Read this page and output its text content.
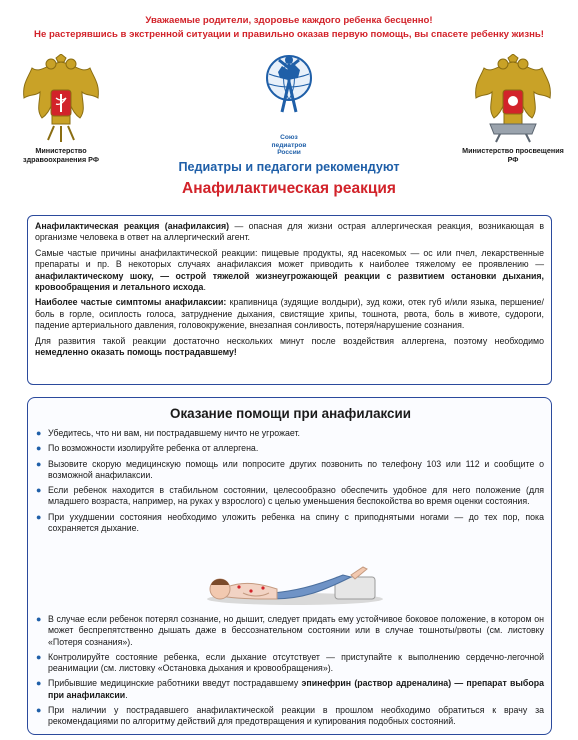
Уважаемые родители, здоровье каждого ребенка бесценно!
Не растерявшись в экстренной ситуации и правильно оказав первую помощь, вы спасете ребенку жизнь!
Министерство здравоохранения РФ
Союз
педиатров
России	Министерство просвещения РФ
Педиатры и педагоги рекомендуют
Анафилактическая реакция

Анафилактическая реакция (анафилаксия) — опасная для жизни острая аллергическая реакция, возникающая в организме человека в ответ на аллергический агент.

Самые частые причины анафилактической реакции: пищевые продукты, яд насекомых — ос или пчел, лекарственные препараты и пр. В некоторых случаях анафилаксия может приводить к наиболее тяжелому ее проявлению — анафилактическому шоку, — острой тяжелой жизнеугрожающей реакции с развитием остановки дыхания, кровообращения и летального исхода.

Наиболее частые симптомы анафилаксии: крапивница (зудящие волдыри), зуд кожи, отек губ и/или языка, першение/боль в горле, осиплость голоса, затруднение дыхания, свистящие хрипы, тошнота, рвота, боль в животе, судороги, падение артериального давления, головокружение, внезапная сонливость, потеря/нарушение сознания.

Для развития такой реакции достаточно нескольких минут после воздействия аллергена, поэтому необходимо немедленно оказать помощь пострадавшему!

Оказание помощи при анафилаксии
● Убедитесь, что ни вам, ни пострадавшему ничто не угрожает.
● По возможности изолируйте ребенка от аллергена.
● Вызовите скорую медицинскую помощь или попросите других позвонить по телефону 103 или 112 и сообщите о возможной анафилаксии.
● Если ребенок находится в стабильном состоянии, целесообразно обеспечить удобное для него положение (для младшего возраста, например, на руках у взрослого) с целью уменьшения беспокойства во время оценки состояния.
● При ухудшении состояния необходимо уложить ребенка на спину с приподнятыми ногами — до тех пор, пока сохраняется дыхание.
● В случае если ребенок потерял сознание, но дышит, следует придать ему устойчивое боковое положение, в котором он может беспрепятственно дышать даже в бессознательном состоянии или в случае тошноты/рвоты (см. листовку «Потеря сознания»).
● Контролируйте состояние ребенка, если дыхание отсутствует — приступайте к выполнению сердечно-легочной реанимации (см. листовку «Остановка дыхания и кровообращения»).
● Прибывшие медицинские работники введут пострадавшему эпинефрин (раствор адреналина) — препарат выбора при анафилаксии.
● При наличии у пострадавшего анафилактической реакции в прошлом необходимо обратиться к врачу за рекомендациями по алгоритму действий для предотвращения и купирования подобных состояний.
